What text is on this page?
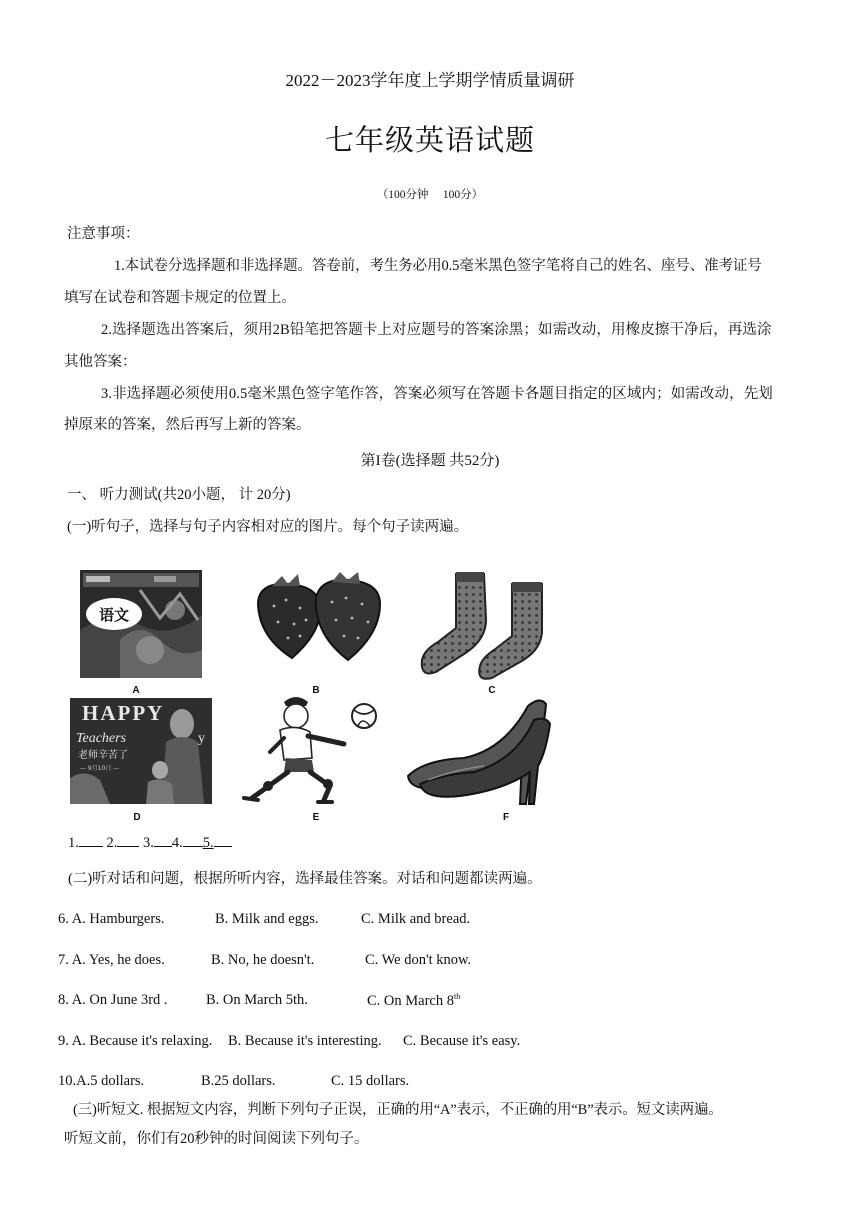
2022－2023学年度上学期学情质量调研
七年级英语试题
（100分钟　 100分）
注意事项：
1.本试卷分选择题和非选择题。答卷前，考生务必用0.5毫米黑色签字笔将自己的姓名、座号、准考证号
填写在试卷和答题卡规定的位置上。
2.选择题选出答案后，须用2B铅笔把答题卡上对应题号的答案涂黑；如需改动，用橡皮擦干净后，再选涂
其他答案：
3.非选择题必须使用0.5毫米黑色签字笔作答，答案必须写在答题卡各题目指定的区域内；如需改动，先划
掉原来的答案，然后再写上新的答案。
第I卷(选择题 共52分)
一、 听力测试(共20小题， 计 20分)
(一)听句子，选择与句子内容相对应的图片。每个句子读两遍。
语文
A	B	C
HAPPY
Teachers	y
老师辛苦了
— 9月10日 —
D	E	F
1. 2. 3. 4. 5.
(二)听对话和问题，根据所听内容，选择最佳答案。对话和问题都读两遍。
6. A. Hamburgers.	B. Milk and eggs.	C. Milk and bread.
7. A. Yes, he does.	B. No, he doesn't.	C. We don't know.
8. A. On June 3rd .	B. On March 5th.	C. On March 8th
9. A. Because it's relaxing. B. Because it's interesting. C. Because it's easy.
10.A.5 dollars.	B.25 dollars.	C. 15 dollars.
(三)听短文. 根据短文内容，判断下列句子正误，正确的用“A”表示，不正确的用“B”表示。短文读两遍。
听短文前，你们有20秒钟的时间阅读下列句子。
